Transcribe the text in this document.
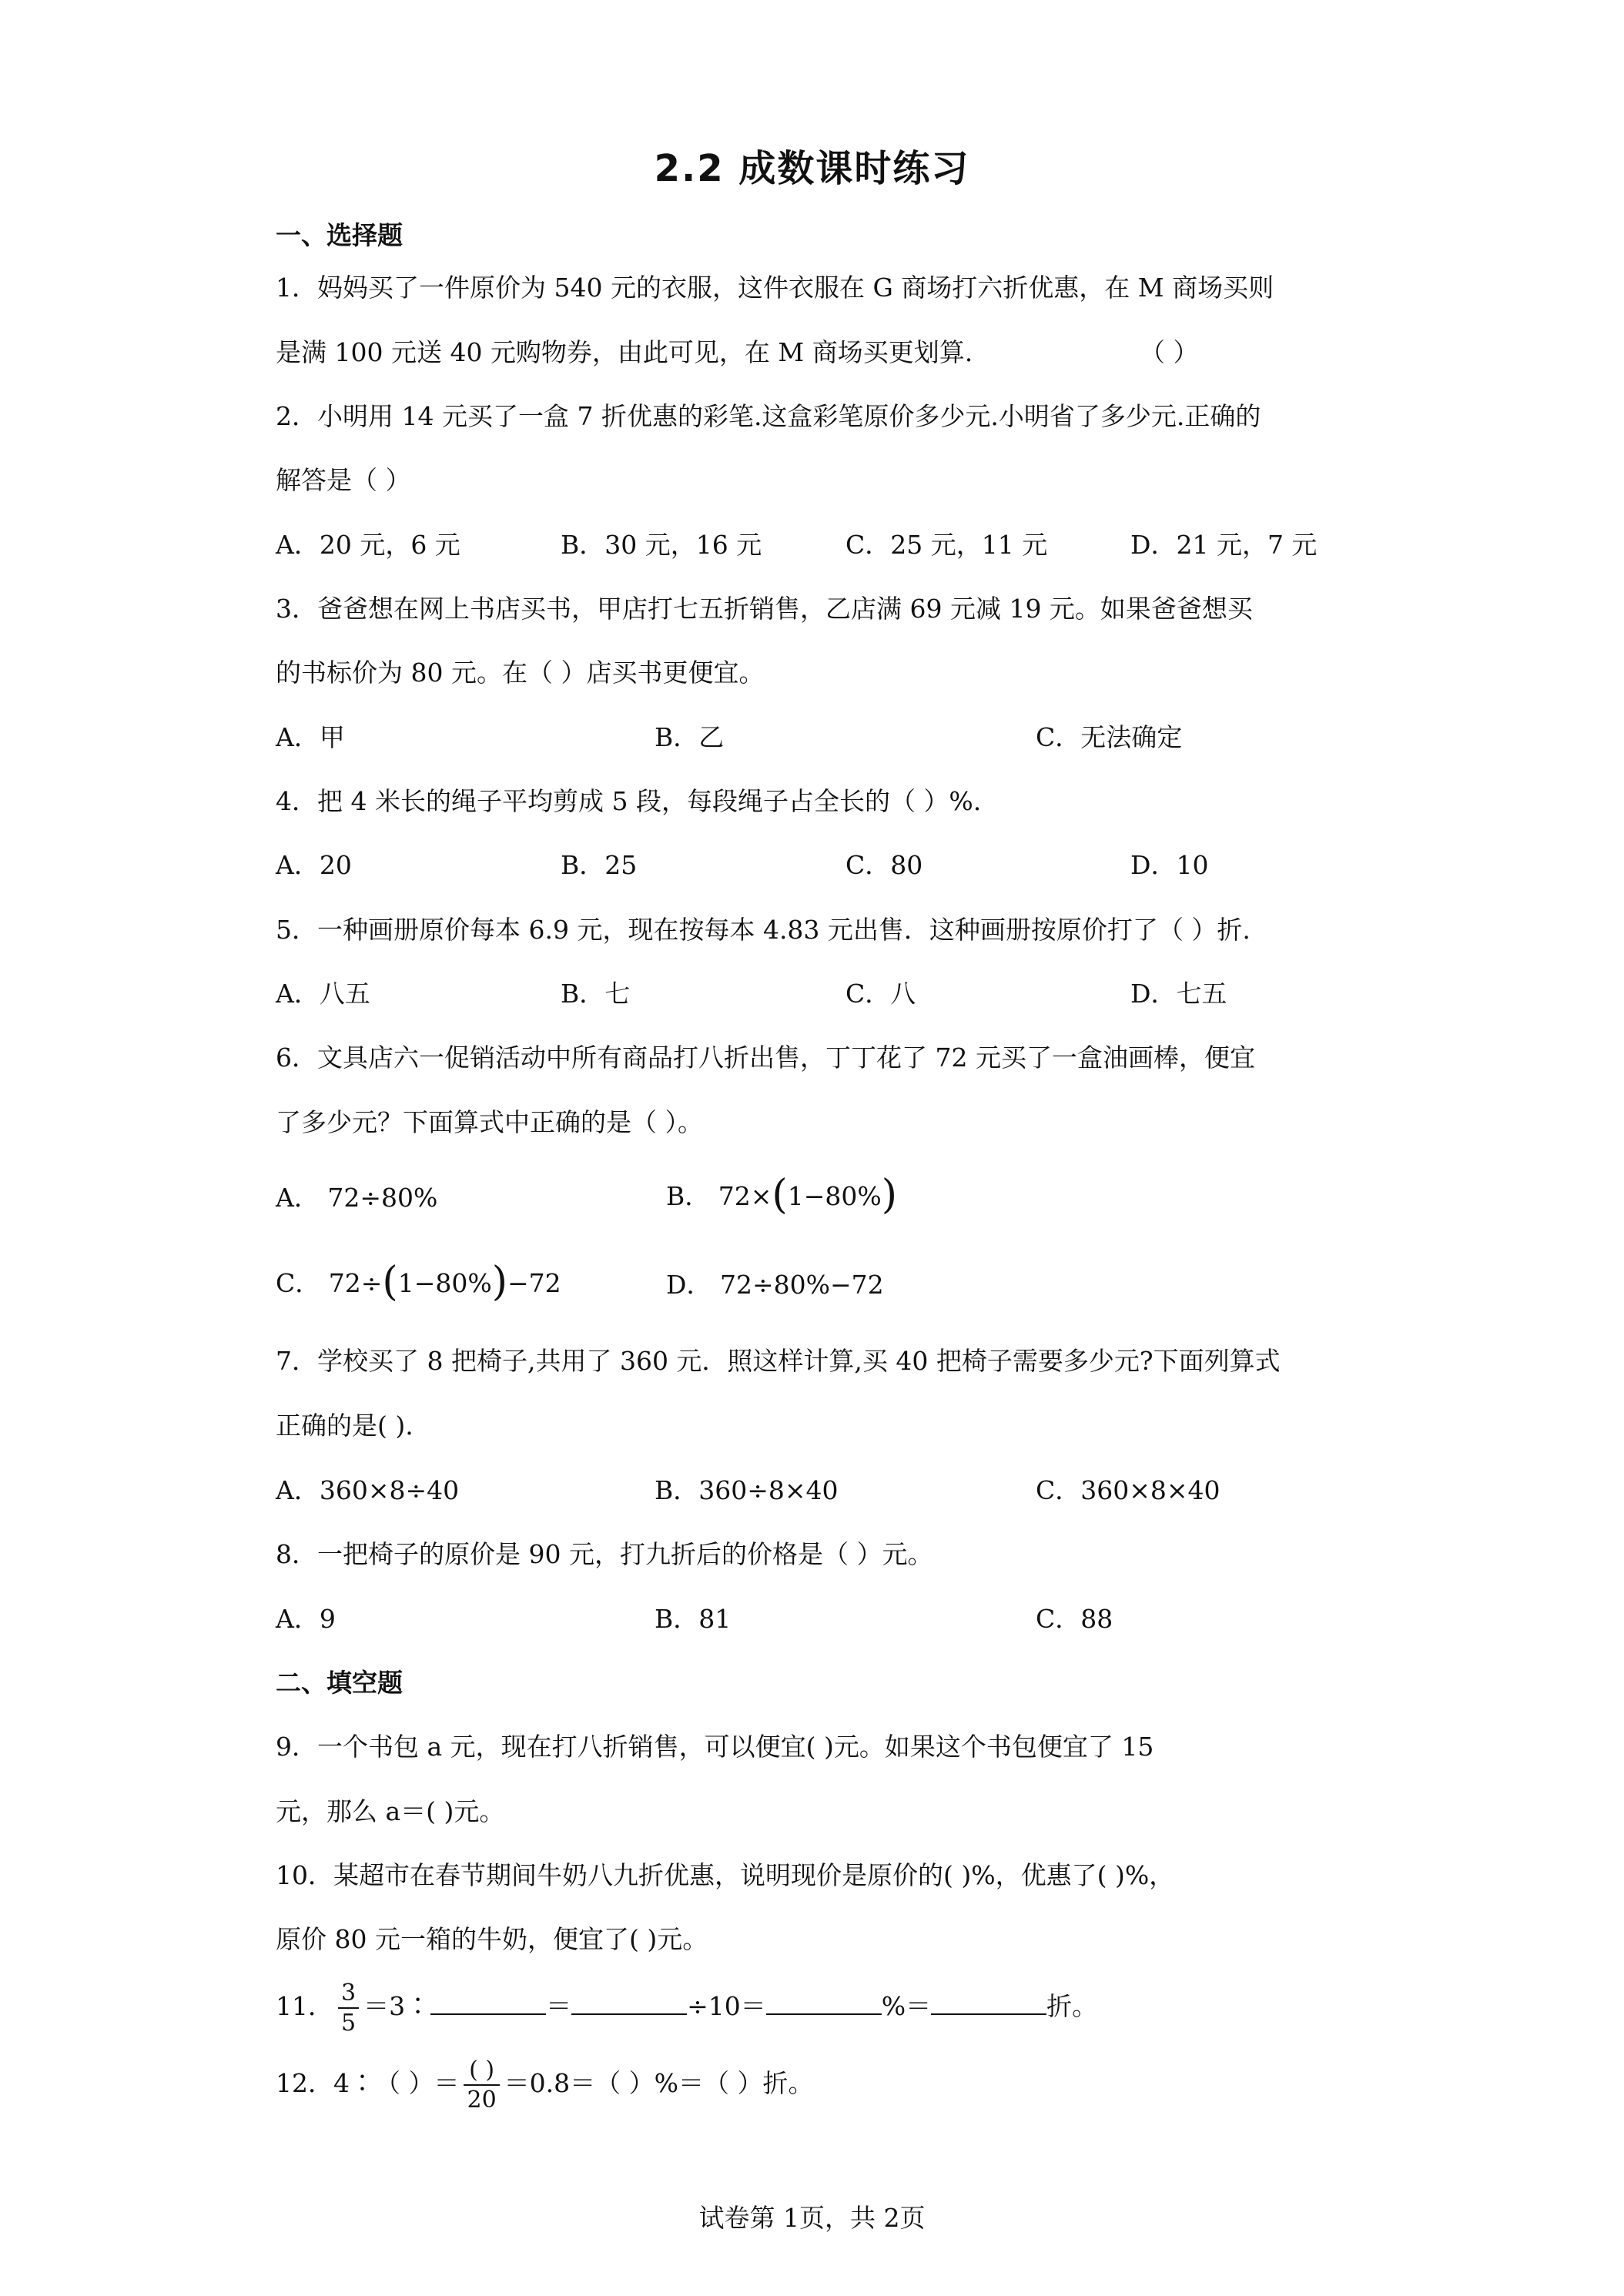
2.2 成数课时练习
一、选择题
1．妈妈买了一件原价为 540 元的衣服，这件衣服在 G 商场打六折优惠，在 M 商场买则
是满 100 元送 40 元购物券，由此可见，在 M 商场买更划算.	（ ）
2．小明用 14 元买了一盒 7 折优惠的彩笔.这盒彩笔原价多少元.小明省了多少元.正确的
解答是（ ）
A．20 元，6 元	B．30 元，16 元	C．25 元，11 元	D．21 元，7 元
3．爸爸想在网上书店买书，甲店打七五折销售，乙店满 69 元减 19 元。如果爸爸想买
的书标价为 80 元。在（ ）店买书更便宜。
A．甲	B．乙	C．无法确定
4．把 4 米长的绳子平均剪成 5 段，每段绳子占全长的（ ）%.
A．20	B．25	C．80	D．10
5．一种画册原价每本 6.9 元，现在按每本 4.83 元出售．这种画册按原价打了（ ）折.
A．八五	B．七	C．八	D．七五
6．文具店六一促销活动中所有商品打八折出售，丁丁花了 72 元买了一盒油画棒，便宜
了多少元？下面算式中正确的是（ ）。
A． 72÷80%	B． 72×(1−80%)
C． 72÷(1−80%)−72	D． 72÷80%−72
7．学校买了 8 把椅子,共用了 360 元．照这样计算,买 40 把椅子需要多少元?下面列算式
正确的是( ).
A．360×8÷40	B．360÷8×40	C．360×8×40
8．一把椅子的原价是 90 元，打九折后的价格是（ ）元。
A．9	B．81	C．88
二、填空题
9．一个书包 a 元，现在打八折销售，可以便宜( )元。如果这个书包便宜了 15
元，那么 a＝( )元。
10．某超市在春节期间牛奶八九折优惠，说明现价是原价的( )%，优惠了( )%，
原价 80 元一箱的牛奶，便宜了( )元。
11． $\frac{3}{5}$ ＝3∶	＝	÷10＝	%＝	折。
12．4∶（ ）＝ $\frac{( )}{20} =0.8=$（ ）%＝（ ）折。
试卷第 1页，共 2页
